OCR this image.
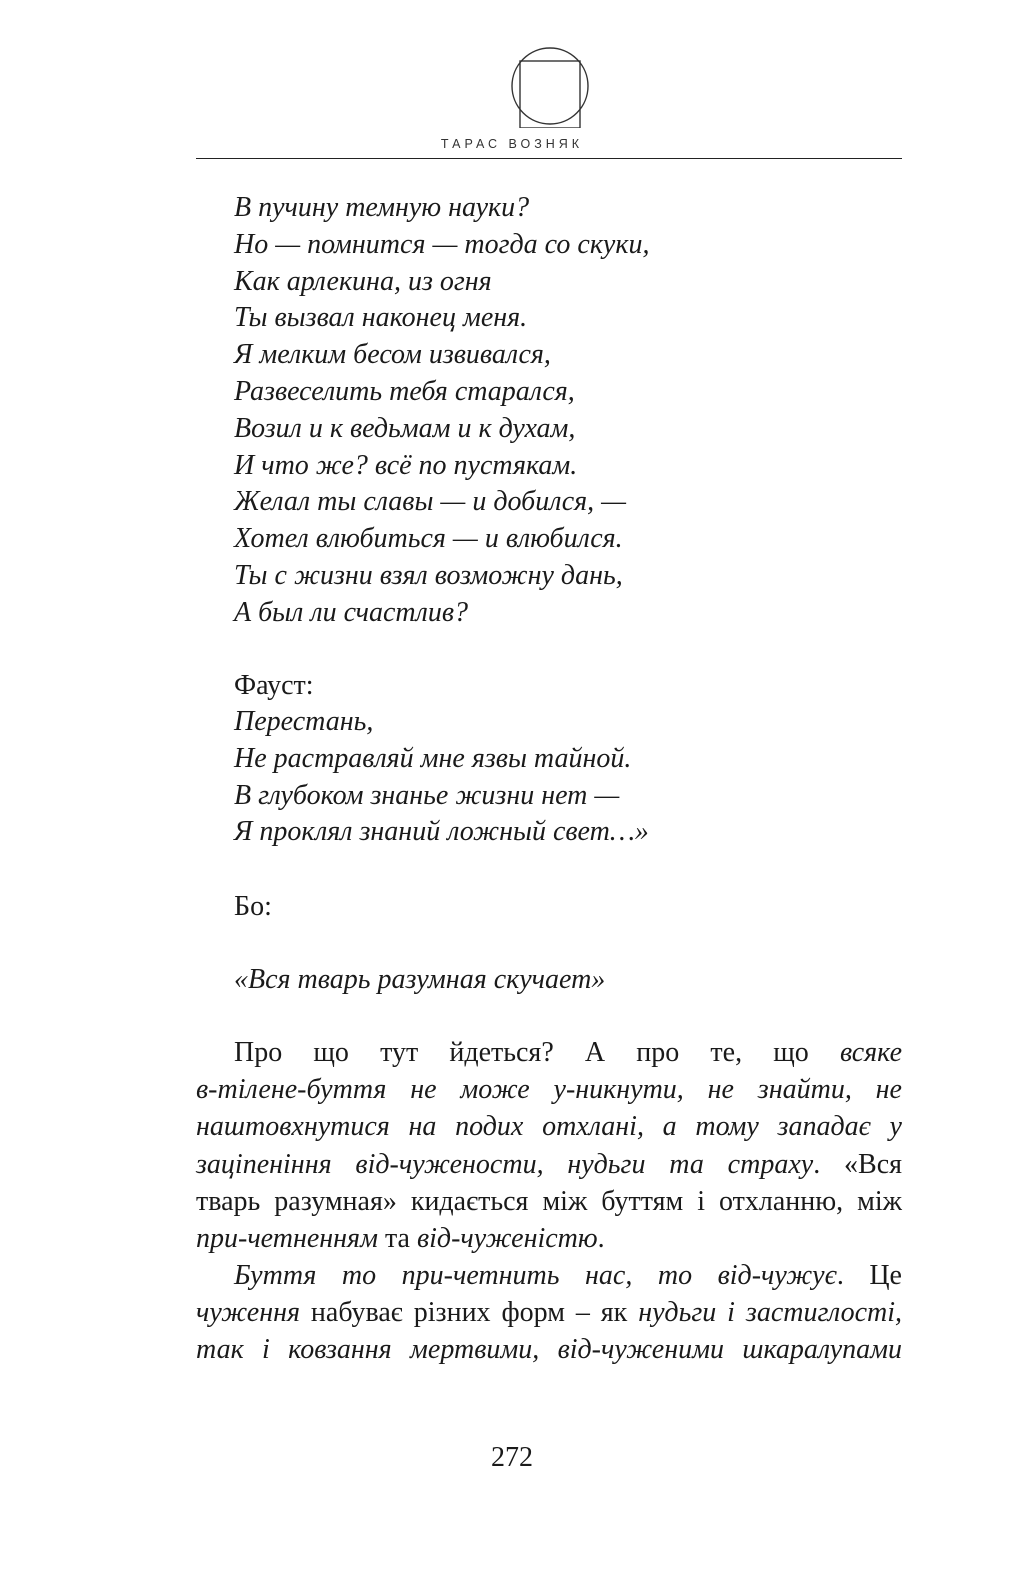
ТАРАС ВОЗНЯК
В пучину темную науки?
Но — помнится — тогда со скуки,
Как арлекина, из огня
Ты вызвал наконец меня.
Я мелким бесом извивался,
Развеселить тебя старался,
Возил и к ведьмам и к духам,
И что же? всё по пустякам.
Желал ты славы — и добился, —
Хотел влюбиться — и влюбился.
Ты с жизни взял возможну дань,
А был ли счастлив?
Фауст:
Перестань,
Не растравляй мне язвы тайной.
В глубоком знанье жизни нет —
Я проклял знаний ложный свет…»
Бо:
«Вся тварь разумная скучает»
Про що тут йдеться? А про те, що всяке
в-тілене-буття не може у-никнути, не знайти, не
наштовхнутися на подих отхлані, а тому западає у
заціпеніння від-чужености, нудьги та страху. «Вся
тварь разумная» кидається між буттям і отхланню, між
при-четненням та від-чуженістю.
Буття то при-четнить нас, то від-чужує. Це
чуження набуває різних форм – як нудьги і застиглості,
так і ковзання мертвими, від-чуженими шкаралупами
272
